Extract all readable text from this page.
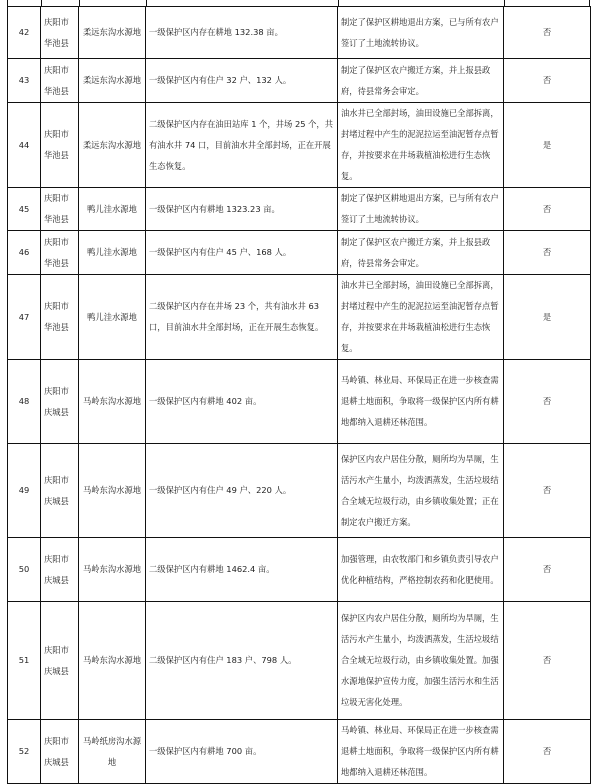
42	庆阳市华池县	柔远东沟水源地	一级保护区内存在耕地 132.38 亩。	制定了保护区耕地退出方案，已与所有农户签订了土地流转协议。	否
43	庆阳市华池县	柔远东沟水源地	一级保护区内有住户 32 户、132 人。	制定了保护区农户搬迁方案，并上报县政府，待县常务会审定。	否
44	庆阳市华池县	柔远东沟水源地	二级保护区内存在油田站库 1 个，井场 25 个，共有油水井 74 口，目前油水井全部封场，正在开展生态恢复。	油水井已全部封场，油田设施已全部拆离，封堵过程中产生的泥泥拉运至油泥暂存点暂存，并按要求在井场栽植油松进行生态恢复。	是
45	庆阳市华池县	鸭儿洼水源地	一级保护区内有耕地 1323.23 亩。	制定了保护区耕地退出方案，已与所有农户签订了土地流转协议。	否
46	庆阳市华池县	鸭儿洼水源地	一级保护区内有住户 45 户、168 人。	制定了保护区农户搬迁方案，并上报县政府，待县常务会审定。	否
47	庆阳市华池县	鸭儿洼水源地	二级保护区内存在井场 23 个，共有油水井 63 口，目前油水井全部封场，正在开展生态恢复。	油水井已全部封场，油田设施已全部拆离，封堵过程中产生的泥泥拉运至油泥暂存点暂存，并按要求在井场栽植油松进行生态恢复。	是
48	庆阳市庆城县	马岭东沟水源地	一级保护区内有耕地 402 亩。	马岭镇、林业局、环保局正在进一步核查需退耕土地面积，争取将一级保护区内所有耕地都纳入退耕还林范围。	否
49	庆阳市庆城县	马岭东沟水源地	一级保护区内有住户 49 户、220 人。	保护区内农户居住分散，厕所均为旱厕，生活污水产生量小，均泼洒蒸发，生活垃圾结合全域无垃圾行动，由乡镇收集处置；正在制定农户搬迁方案。	否
50	庆阳市庆城县	马岭东沟水源地	二级保护区内有耕地 1462.4 亩。	加强管理，由农牧部门和乡镇负责引导农户优化种植结构，严格控制农药和化肥使用。	否
51	庆阳市庆城县	马岭东沟水源地	二级保护区内有住户 183 户、798 人。	保护区内农户居住分散，厕所均为旱厕，生活污水产生量小，均泼洒蒸发，生活垃圾结合全域无垃圾行动，由乡镇收集处置。加强水源地保护宣传力度，加强生活污水和生活垃圾无害化处理。	否
52	庆阳市庆城县	马岭纸房沟水源地	一级保护区内有耕地 700 亩。	马岭镇、林业局、环保局正在进一步核查需退耕土地面积，争取将一级保护区内所有耕地都纳入退耕还林范围。	否
